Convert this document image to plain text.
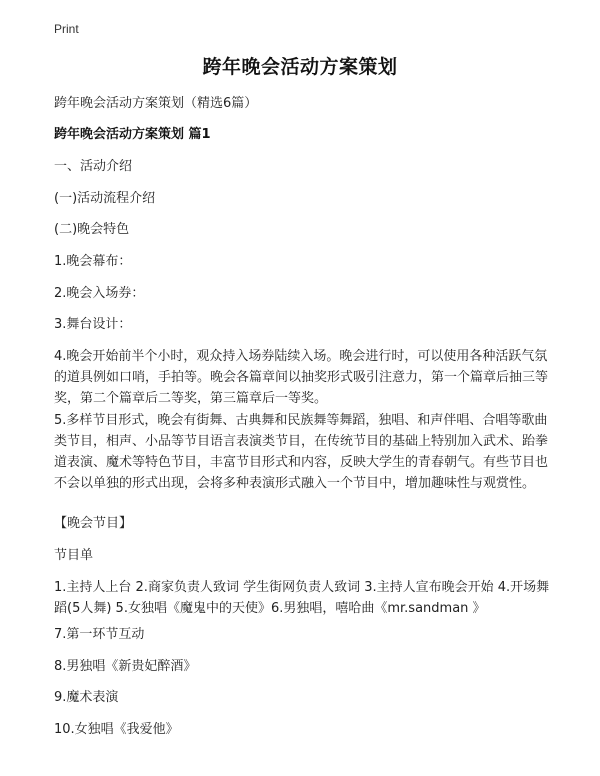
Print
跨年晚会活动方案策划
跨年晚会活动方案策划（精选6篇）
跨年晚会活动方案策划 篇1
一、活动介绍
(一)活动流程介绍
(二)晚会特色
1.晚会幕布：
2.晚会入场券：
3.舞台设计：
4.晚会开始前半个小时，观众持入场券陆续入场。晚会进行时，可以使用各种活跃气氛的道具例如口哨，手拍等。晚会各篇章间以抽奖形式吸引注意力，第一个篇章后抽三等奖，第二个篇章后二等奖，第三篇章后一等奖。
5.多样节目形式，晚会有街舞、古典舞和民族舞等舞蹈，独唱、和声伴唱、合唱等歌曲类节目，相声、小品等节目语言表演类节目，在传统节目的基础上特别加入武术、跆拳道表演、魔术等特色节目，丰富节目形式和内容，反映大学生的青春朝气。有些节目也不会以单独的形式出现，会将多种表演形式融入一个节目中，增加趣味性与观赏性。
【晚会节目】
节目单
1.主持人上台 2.商家负责人致词 学生街网负责人致词 3.主持人宣布晚会开始 4.开场舞蹈(5人舞) 5.女独唱《魔鬼中的天使》6.男独唱，嘻哈曲《mr.sandman 》
7.第一环节互动
8.男独唱《新贵妃醉酒》
9.魔术表演
10.女独唱《我爱他》
